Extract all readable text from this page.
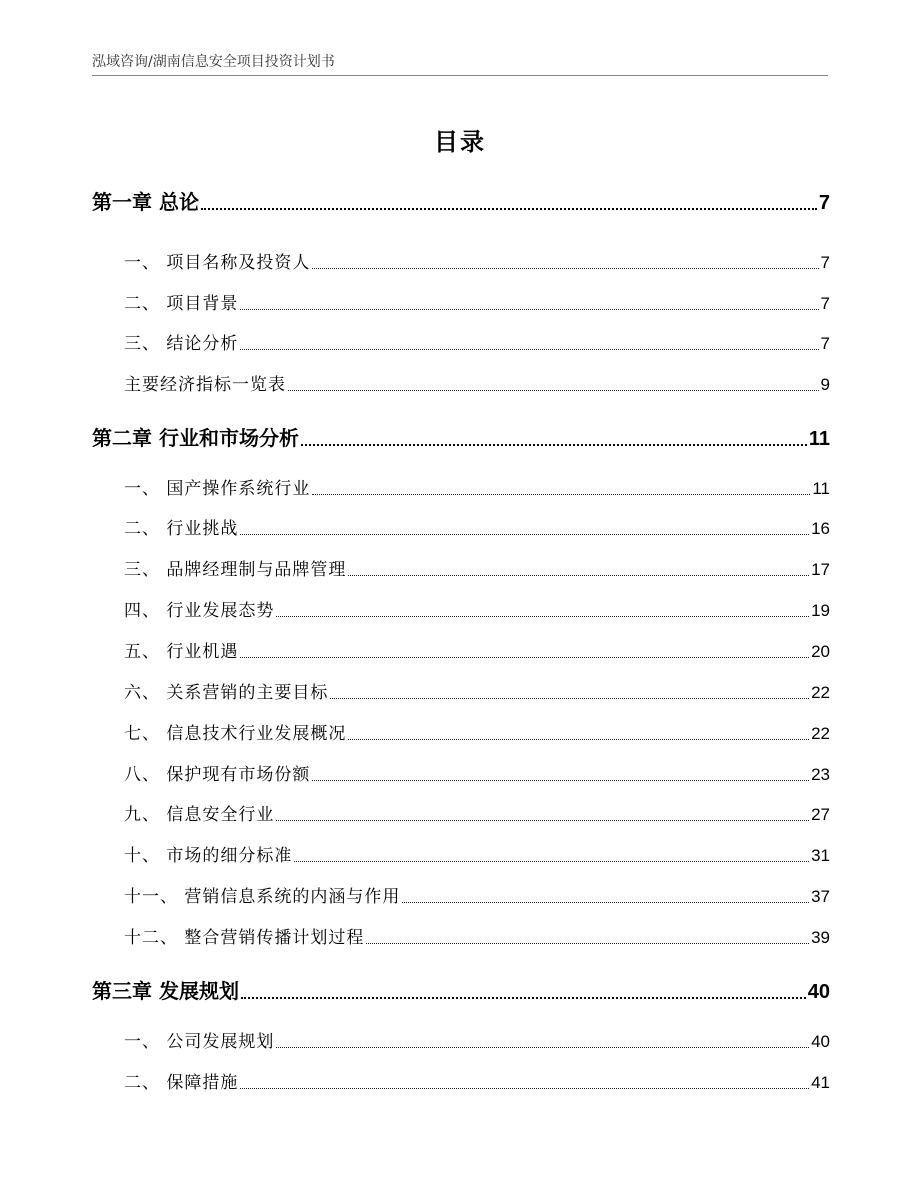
泓域咨询/湖南信息安全项目投资计划书
目录
第一章 总论	7
一、 项目名称及投资人	7
二、 项目背景	7
三、 结论分析	7
主要经济指标一览表	9
第二章 行业和市场分析	11
一、 国产操作系统行业	11
二、 行业挑战	16
三、 品牌经理制与品牌管理	17
四、 行业发展态势	19
五、 行业机遇	20
六、 关系营销的主要目标	22
七、 信息技术行业发展概况	22
八、 保护现有市场份额	23
九、 信息安全行业	27
十、 市场的细分标准	31
十一、 营销信息系统的内涵与作用	37
十二、 整合营销传播计划过程	39
第三章 发展规划	40
一、 公司发展规划	40
二、 保障措施	41
